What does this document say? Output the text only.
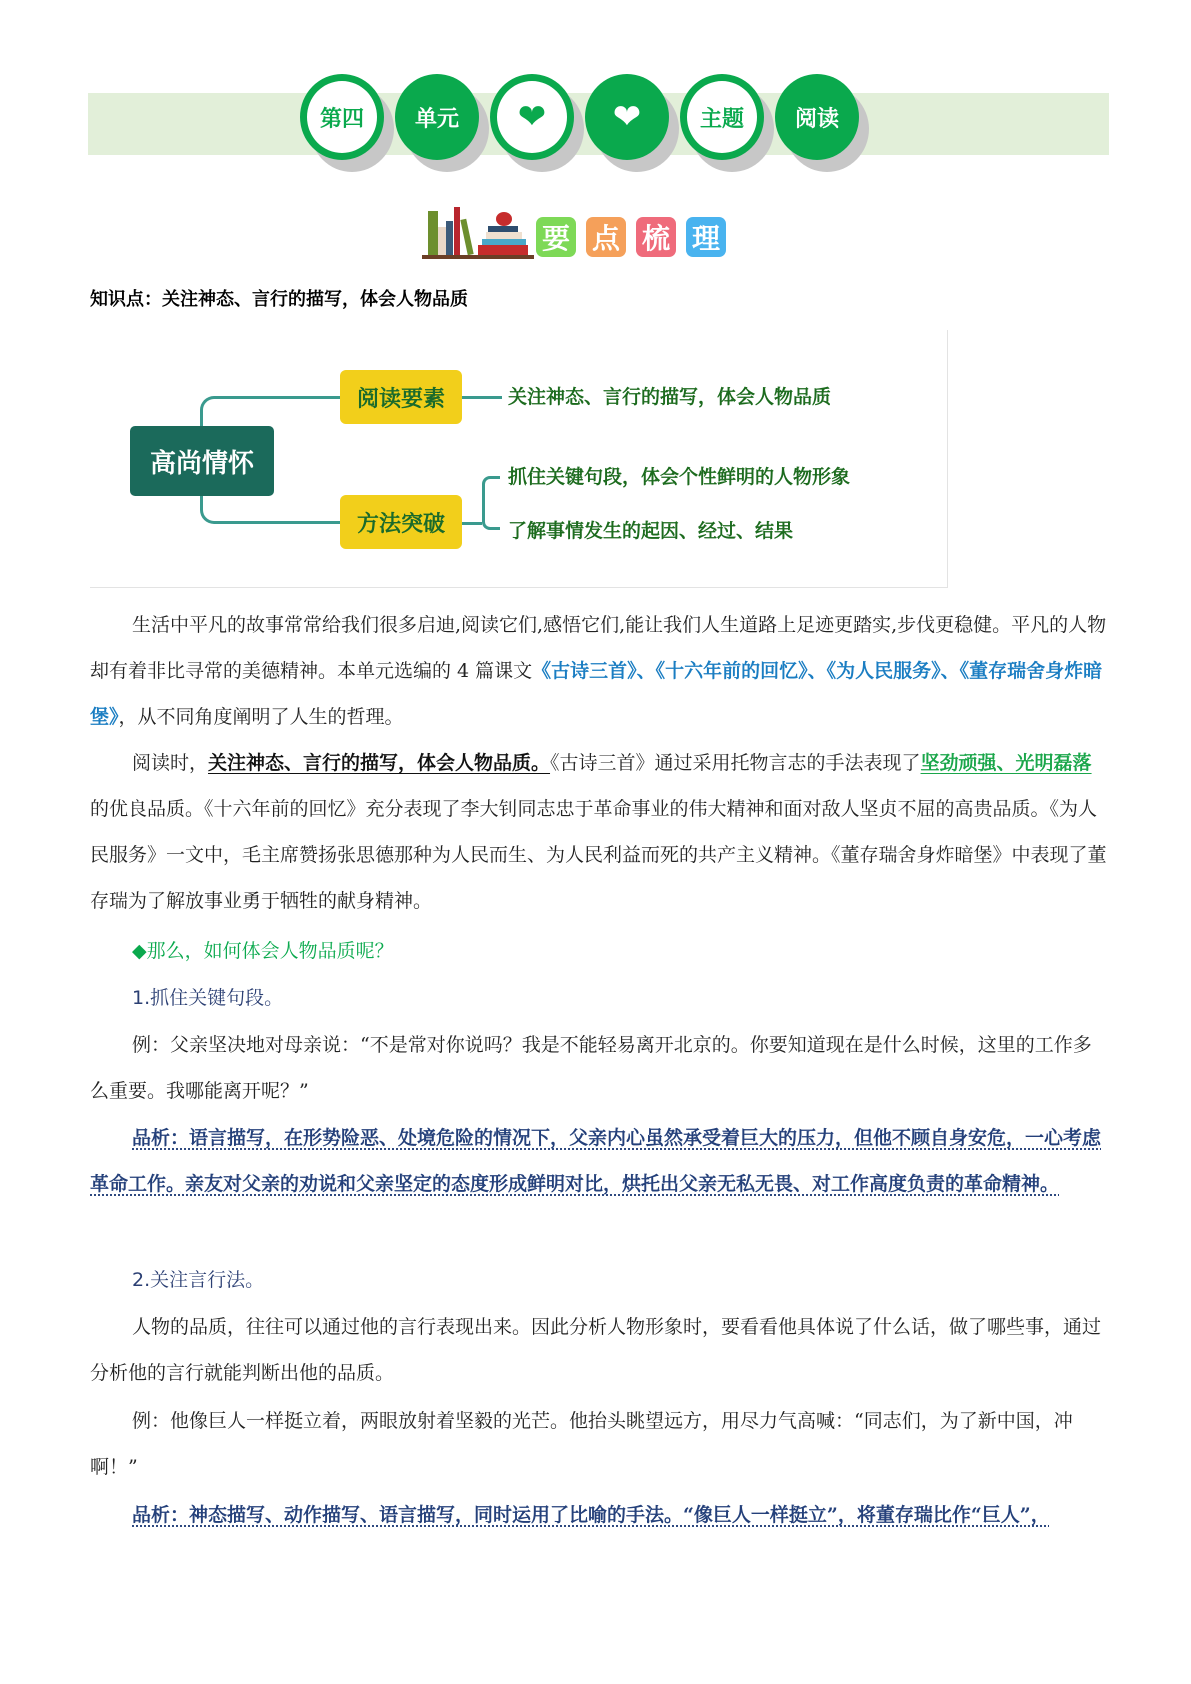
第四	单元	❤ ❤	主题	阅读
要 点 梳 理
知识点：关注神态、言行的描写，体会人物品质
高尚情怀
阅读要素
方法突破
关注神态、言行的描写，体会人物品质
抓住关键句段，体会个性鲜明的人物形象
了解事情发生的起因、经过、结果
生活中平凡的故事常常给我们很多启迪,阅读它们,感悟它们,能让我们人生道路上足迹更踏实,步伐更稳健。平凡的人物却有着非比寻常的美德精神。本单元选编的 4 篇课文《古诗三首》、《十六年前的回忆》、《为人民服务》、《董存瑞舍身炸暗堡》，从不同角度阐明了人生的哲理。
阅读时，关注神态、言行的描写，体会人物品质。《古诗三首》通过采用托物言志的手法表现了坚劲顽强、光明磊落的优良品质。《十六年前的回忆》充分表现了李大钊同志忠于革命事业的伟大精神和面对敌人坚贞不屈的高贵品质。《为人民服务》一文中，毛主席赞扬张思德那种为人民而生、为人民利益而死的共产主义精神。《董存瑞舍身炸暗堡》中表现了董存瑞为了解放事业勇于牺牲的献身精神。
◆那么，如何体会人物品质呢？
1.抓住关键句段。
例：父亲坚决地对母亲说：“不是常对你说吗？我是不能轻易离开北京的。你要知道现在是什么时候，这里的工作多么重要。我哪能离开呢？”
品析：语言描写，在形势险恶、处境危险的情况下，父亲内心虽然承受着巨大的压力，但他不顾自身安危，一心考虑革命工作。亲友对父亲的劝说和父亲坚定的态度形成鲜明对比，烘托出父亲无私无畏、对工作高度负责的革命精神。
2.关注言行法。
人物的品质，往往可以通过他的言行表现出来。因此分析人物形象时，要看看他具体说了什么话，做了哪些事，通过分析他的言行就能判断出他的品质。
例：他像巨人一样挺立着，两眼放射着坚毅的光芒。他抬头眺望远方，用尽力气高喊：“同志们，为了新中国，冲啊！”
品析：神态描写、动作描写、语言描写，同时运用了比喻的手法。“像巨人一样挺立”，将董存瑞比作“巨人”，
